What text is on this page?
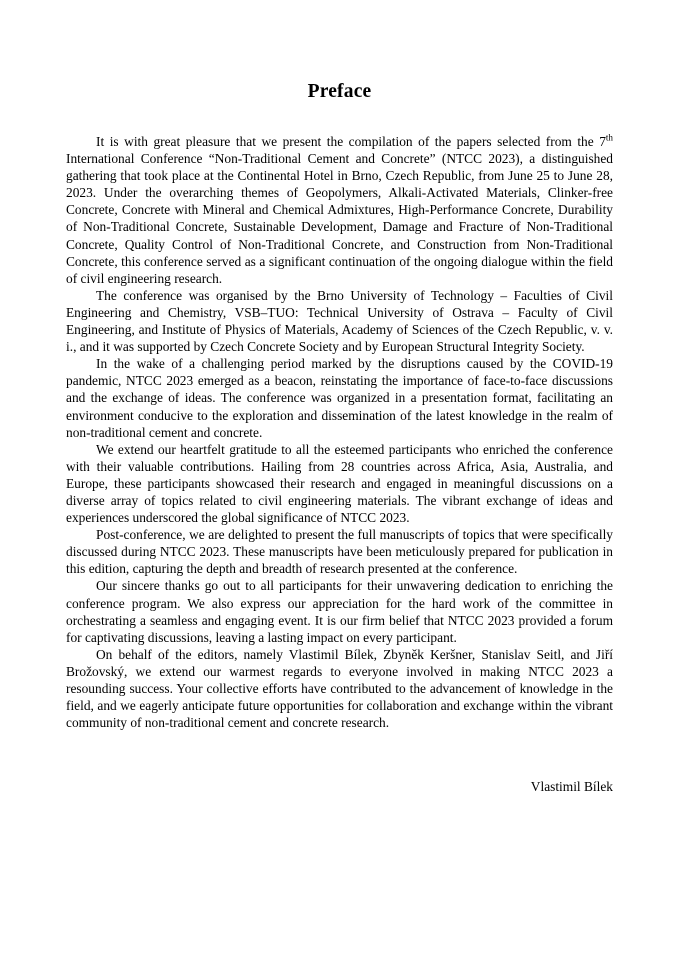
Preface

It is with great pleasure that we present the compilation of the papers selected from the 7th International Conference “Non-Traditional Cement and Concrete” (NTCC 2023), a distinguished gathering that took place at the Continental Hotel in Brno, Czech Republic, from June 25 to June 28, 2023. Under the overarching themes of Geopolymers, Alkali-Activated Materials, Clinker-free Concrete, Concrete with Mineral and Chemical Admixtures, High-Performance Concrete, Durability of Non-Traditional Concrete, Sustainable Development, Damage and Fracture of Non-Traditional Concrete, Quality Control of Non-Traditional Concrete, and Construction from Non-Traditional Concrete, this conference served as a significant continuation of the ongoing dialogue within the field of civil engineering research.

The conference was organised by the Brno University of Technology – Faculties of Civil Engineering and Chemistry, VSB–TUO: Technical University of Ostrava – Faculty of Civil Engineering, and Institute of Physics of Materials, Academy of Sciences of the Czech Republic, v. v. i., and it was supported by Czech Concrete Society and by European Structural Integrity Society.

In the wake of a challenging period marked by the disruptions caused by the COVID-19 pandemic, NTCC 2023 emerged as a beacon, reinstating the importance of face-to-face discussions and the exchange of ideas. The conference was organized in a presentation format, facilitating an environment conducive to the exploration and dissemination of the latest knowledge in the realm of non-traditional cement and concrete.

We extend our heartfelt gratitude to all the esteemed participants who enriched the conference with their valuable contributions. Hailing from 28 countries across Africa, Asia, Australia, and Europe, these participants showcased their research and engaged in meaningful discussions on a diverse array of topics related to civil engineering materials. The vibrant exchange of ideas and experiences underscored the global significance of NTCC 2023.

Post-conference, we are delighted to present the full manuscripts of topics that were specifically discussed during NTCC 2023. These manuscripts have been meticulously prepared for publication in this edition, capturing the depth and breadth of research presented at the conference.

Our sincere thanks go out to all participants for their unwavering dedication to enriching the conference program. We also express our appreciation for the hard work of the committee in orchestrating a seamless and engaging event. It is our firm belief that NTCC 2023 provided a forum for captivating discussions, leaving a lasting impact on every participant.

On behalf of the editors, namely Vlastimil Bílek, Zbyněk Keršner, Stanislav Seitl, and Jiří Brožovský, we extend our warmest regards to everyone involved in making NTCC 2023 a resounding success. Your collective efforts have contributed to the advancement of knowledge in the field, and we eagerly anticipate future opportunities for collaboration and exchange within the vibrant community of non-traditional cement and concrete research.

Vlastimil Bílek
